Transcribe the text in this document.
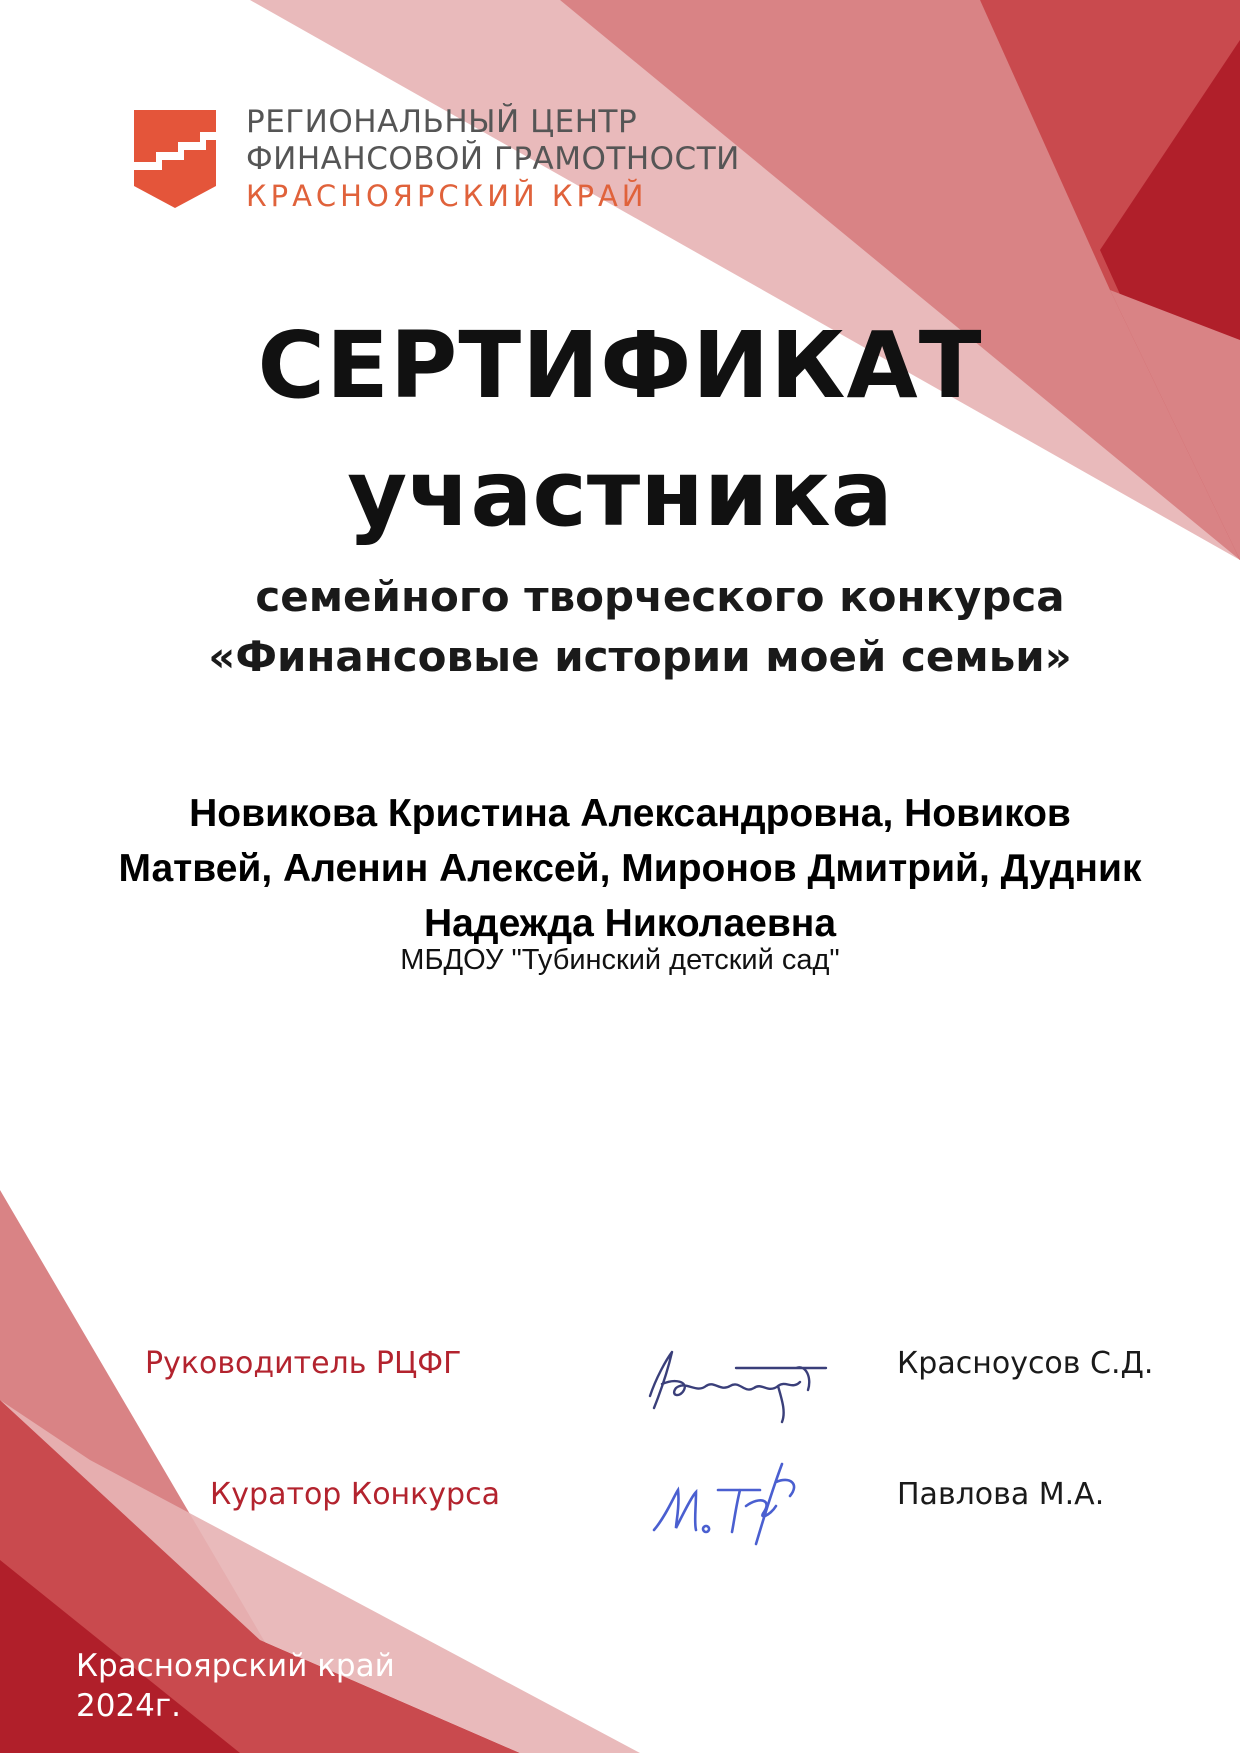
РЕГИОНАЛЬНЫЙ ЦЕНТР
ФИНАНСОВОЙ ГРАМОТНОСТИ
КРАСНОЯРСКИЙ КРАЙ
СЕРТИФИКАТ
участника
семейного творческого конкурса
«Финансовые истории моей семьи»
Новикова Кристина Александровна, Новиков Матвей, Аленин Алексей, Миронов Дмитрий, Дудник Надежда Николаевна
МБДОУ "Тубинский детский сад"
Руководитель РЦФГ	Красноусов С.Д.
Куратор Конкурса	Павлова М.А.
Красноярский край
2024г.
